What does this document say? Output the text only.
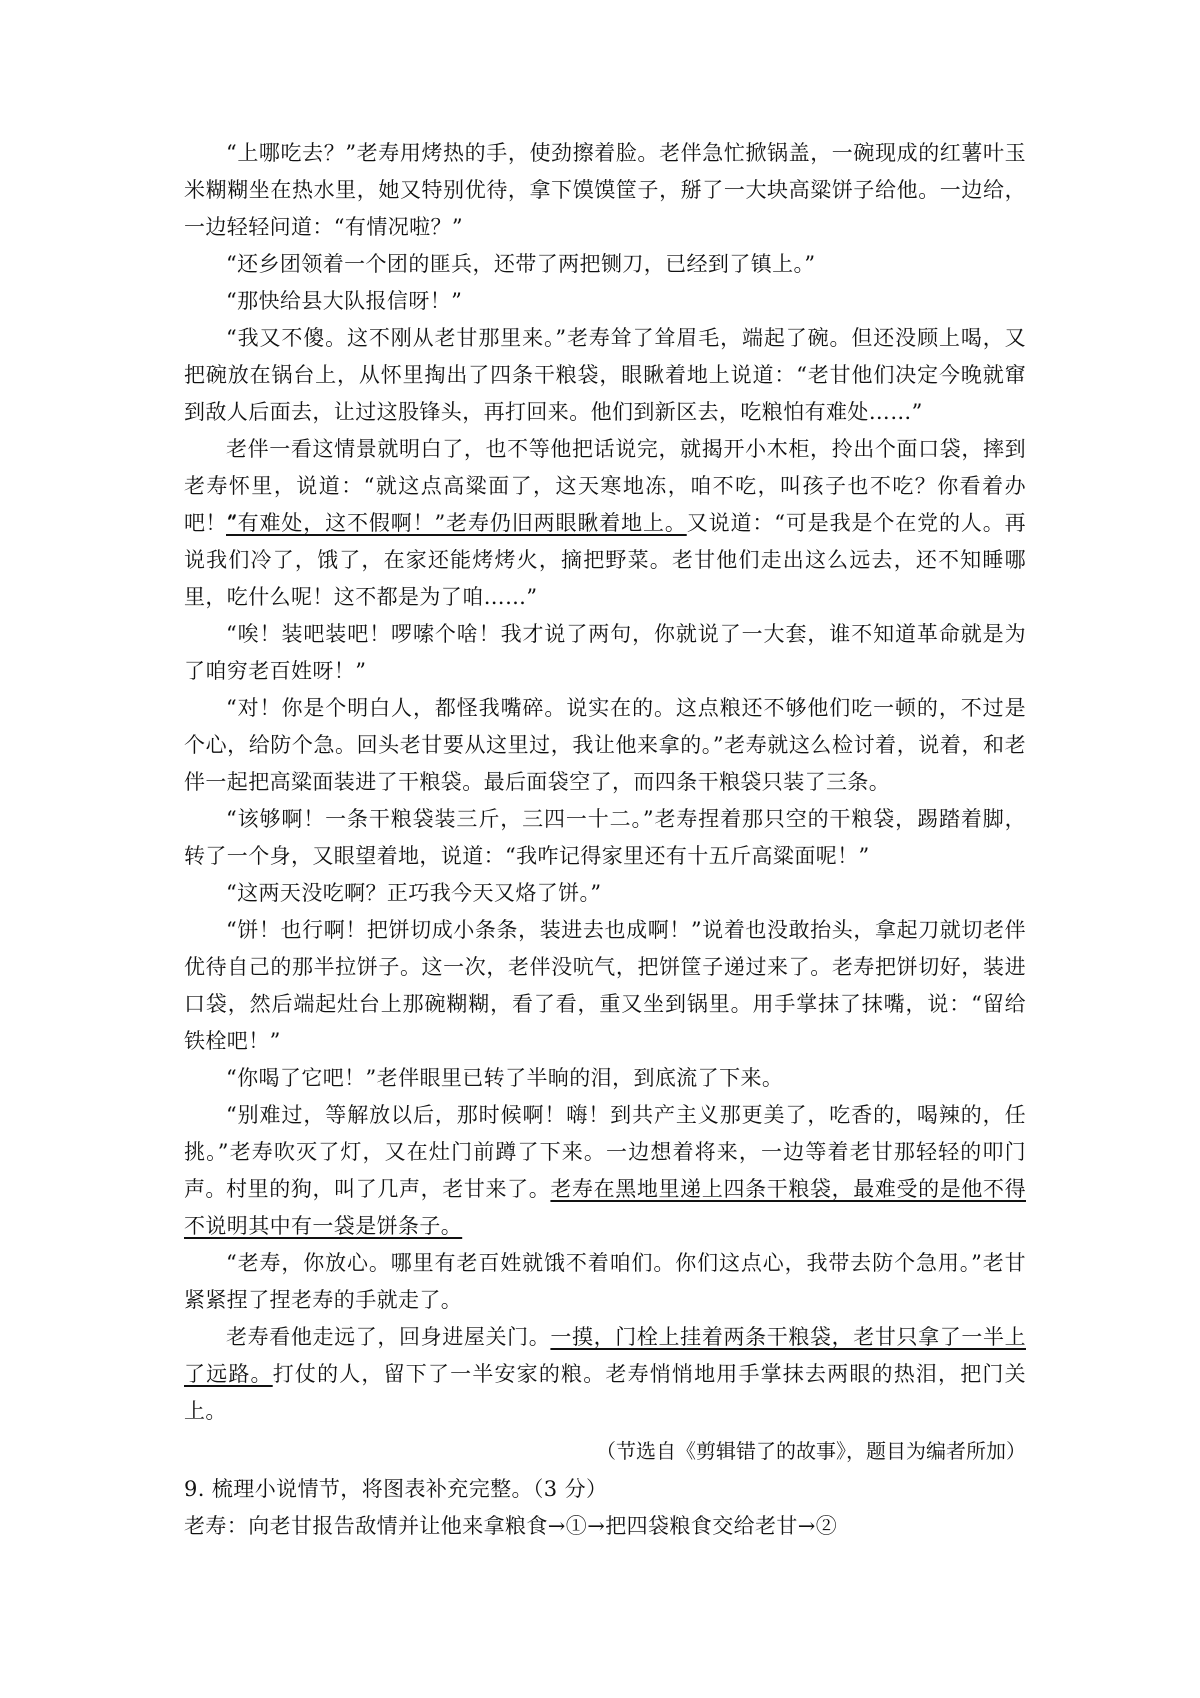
“上哪吃去？”老寿用烤热的手，使劲擦着脸。老伴急忙掀锅盖，一碗现成的红薯叶玉米糊糊坐在热水里，她又特别优待，拿下馍馍筐子，掰了一大块高粱饼子给他。一边给，一边轻轻问道：“有情况啦？”

“还乡团领着一个团的匪兵，还带了两把铡刀，已经到了镇上。”

“那快给县大队报信呀！”

“我又不傻。这不刚从老甘那里来。”老寿耸了耸眉毛，端起了碗。但还没顾上喝，又把碗放在锅台上，从怀里掏出了四条干粮袋，眼瞅着地上说道：“老甘他们决定今晚就窜到敌人后面去，让过这股锋头，再打回来。他们到新区去，吃粮怕有难处……”

老伴一看这情景就明白了，也不等他把话说完，就揭开小木柜，拎出个面口袋，摔到老寿怀里，说道：“就这点高粱面了，这天寒地冻，咱不吃，叫孩子也不吃？你看着办吧！”

“有难处，这不假啊！”老寿仍旧两眼瞅着地上。又说道：“可是我是个在党的人。再说我们冷了，饿了，在家还能烤烤火，摘把野菜。老甘他们走出这么远去，还不知睡哪里，吃什么呢！这不都是为了咱……”

“唉！装吧装吧！啰嗦个啥！我才说了两句，你就说了一大套，谁不知道革命就是为了咱穷老百姓呀！”

“对！你是个明白人，都怪我嘴碎。说实在的。这点粮还不够他们吃一顿的，不过是个心，给防个急。回头老甘要从这里过，我让他来拿的。”老寿就这么检讨着，说着，和老伴一起把高粱面装进了干粮袋。最后面袋空了，而四条干粮袋只装了三条。

“该够啊！一条干粮袋装三斤，三四一十二。”老寿捏着那只空的干粮袋，踢踏着脚，转了一个身，又眼望着地，说道：“我咋记得家里还有十五斤高粱面呢！”

“这两天没吃啊？正巧我今天又烙了饼。”

“饼！也行啊！把饼切成小条条，装进去也成啊！”说着也没敢抬头，拿起刀就切老伴优待自己的那半拉饼子。这一次，老伴没吭气，把饼筐子递过来了。老寿把饼切好，装进口袋，然后端起灶台上那碗糊糊，看了看，重又坐到锅里。用手掌抹了抹嘴，说：“留给铁栓吧！”

“你喝了它吧！”老伴眼里已转了半晌的泪，到底流了下来。

“别难过，等解放以后，那时候啊！嗨！到共产主义那更美了，吃香的，喝辣的，任挑。”老寿吹灭了灯，又在灶门前蹲了下来。一边想着将来，一边等着老甘那轻轻的叩门声。 村里的狗，叫了几声，老甘来了。老寿在黑地里递上四条干粮袋，最难受的是他不得不说明其中有一袋是饼条子。

“老寿，你放心。哪里有老百姓就饿不着咱们。你们这点心，我带去防个急用。”老甘紧紧捏了捏老寿的手就走了。

老寿看他走远了，回身进屋关门。一摸，门栓上挂着两条干粮袋，老甘只拿了一半上了远路。打仗的人，留下了一半安家的粮。老寿悄悄地用手掌抹去两眼的热泪，把门关上。

（节选自《剪辑错了的故事》，题目为编者所加）

9. 梳理小说情节，将图表补充完整。（3 分）

老寿：向老甘报告敌情并让他来拿粮食→①→把四袋粮食交给老甘→②
